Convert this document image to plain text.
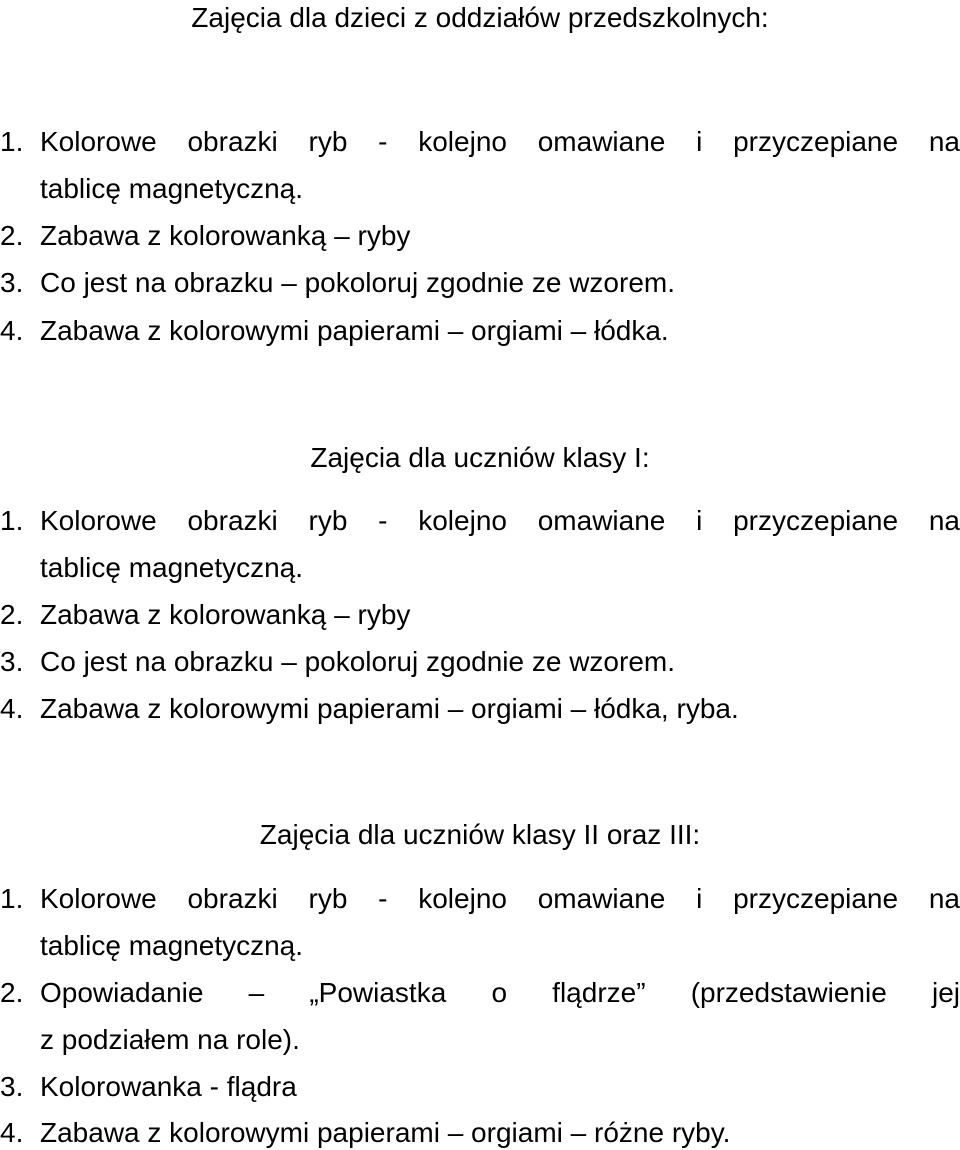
Zajęcia dla dzieci z oddziałów przedszkolnych:
1. Kolorowe obrazki ryb - kolejno omawiane i przyczepiane na
tablicę magnetyczną.
2. Zabawa z kolorowanką – ryby
3. Co jest na obrazku – pokoloruj zgodnie ze wzorem.
4. Zabawa z kolorowymi papierami – orgiami – łódka.
Zajęcia dla uczniów klasy I:
1. Kolorowe obrazki ryb - kolejno omawiane i przyczepiane na
tablicę magnetyczną.
2. Zabawa z kolorowanką – ryby
3. Co jest na obrazku – pokoloruj zgodnie ze wzorem.
4. Zabawa z kolorowymi papierami – orgiami – łódka, ryba.
Zajęcia dla uczniów klasy II oraz III:
1. Kolorowe obrazki ryb - kolejno omawiane i przyczepiane na
tablicę magnetyczną.
2. Opowiadanie – „Powiastka o flądrze” (przedstawienie jej
z podziałem na role).
3. Kolorowanka - flądra
4. Zabawa z kolorowymi papierami – orgiami – różne ryby.
